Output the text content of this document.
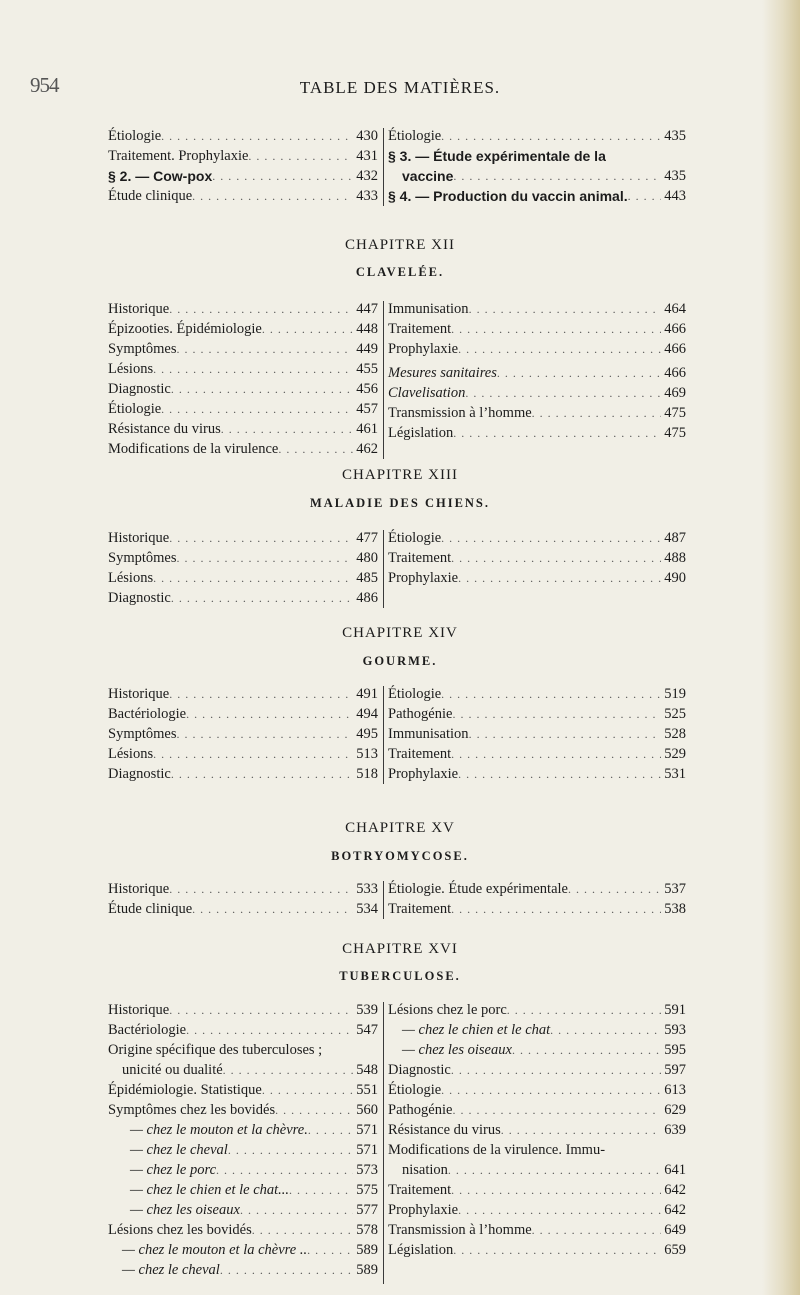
954	TABLE DES MATIÈRES.
Étiologie . . .	430
Traitement. Prophylaxie . . .	431
§ 2. — Cow-pox . . .	432
Étude clinique . . .	433
Étiologie . . .	435
§ 3. — Étude expérimentale de la
vaccine . . .	435
§ 4. — Production du vaccin animal. . . .	443
CHAPITRE XII
CLAVELÉE.
Historique . . .	447
Épizooties. Épidémiologie . . .	448
Symptômes . . .	449
Lésions . . .	455
Diagnostic . . .	456
Étiologie . . .	457
Résistance du virus . . .	461
Modifications de la virulence . . .	462
Immunisation . . .	464
Traitement . . .	466
Prophylaxie . . .	466
Mesures sanitaires . . .	466
Clavelisation . . .	469
Transmission à l’homme . . .	475
Législation . . .	475
CHAPITRE XIII
MALADIE DES CHIENS.
Historique . . .	477
Symptômes . . .	480
Lésions . . .	485
Diagnostic . . .	486
Étiologie . . .	487
Traitement . . .	488
Prophylaxie . . .	490
CHAPITRE XIV
GOURME.
Historique . . .	491
Bactériologie . . .	494
Symptômes . . .	495
Lésions . . .	513
Diagnostic . . .	518
Étiologie . . .	519
Pathogénie . . .	525
Immunisation . . .	528
Traitement . . .	529
Prophylaxie . . .	531
CHAPITRE XV
BOTRYOMYCOSE.
Historique . . .	533
Étude clinique . . .	534
Étiologie. Étude expérimentale . . .	537
Traitement . . .	538
CHAPITRE XVI
TUBERCULOSE.
Historique . . .	539
Bactériologie . . .	547
Origine spécifique des tuberculoses ;
unicité ou dualité . . .	548
Épidémiologie. Statistique . . .	551
Symptômes chez les bovidés . . .	560
— chez le mouton et la chèvre. . . .	571
— chez le cheval . . .	571
— chez le porc . . .	573
— chez le chien et le chat... . . .	575
— chez les oiseaux . . .	577
Lésions chez les bovidés . . .	578
— chez le mouton et la chèvre .. . . .	589
— chez le cheval . . .	589
Lésions chez le porc . . .	591
— chez le chien et le chat . . .	593
— chez les oiseaux . . .	595
Diagnostic . . .	597
Étiologie . . .	613
Pathogénie . . .	629
Résistance du virus . . .	639
Modifications de la virulence. Immu-
nisation . . .	641
Traitement . . .	642
Prophylaxie . . .	642
Transmission à l’homme . . .	649
Législation . . .	659
